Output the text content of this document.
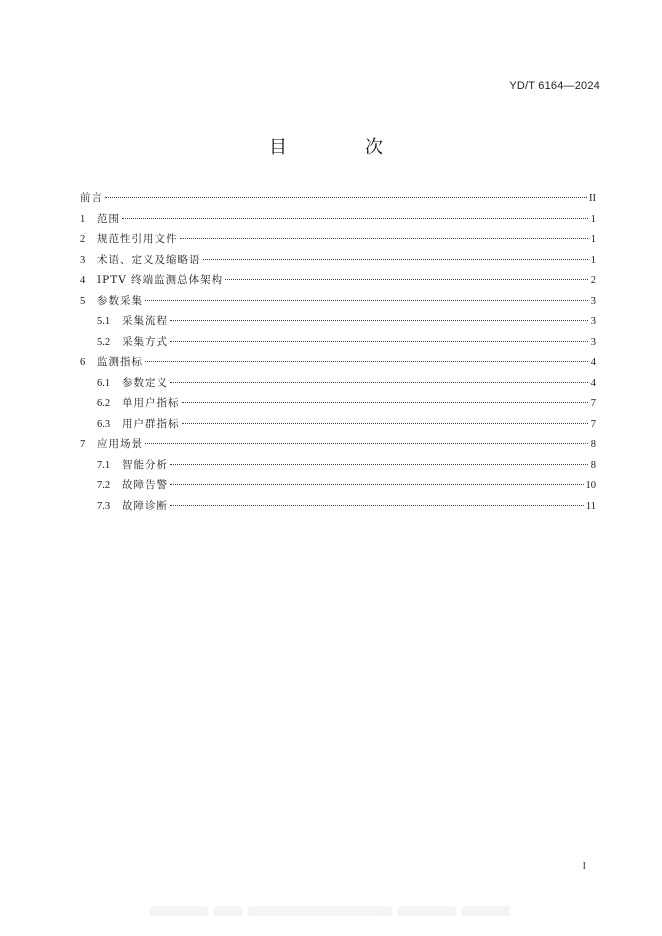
YD/T 6164—2024
目　次
前言	II
1	范围	1
2	规范性引用文件	1
3	术语、定义及缩略语	1
4	IPTV 终端监测总体架构	2
5	参数采集	3
5.1	采集流程	3
5.2	采集方式	3
6	监测指标	4
6.1	参数定义	4
6.2	单用户指标	7
6.3	用户群指标	7
7	应用场景	8
7.1	智能分析	8
7.2	故障告警	10
7.3	故障诊断	11
I
